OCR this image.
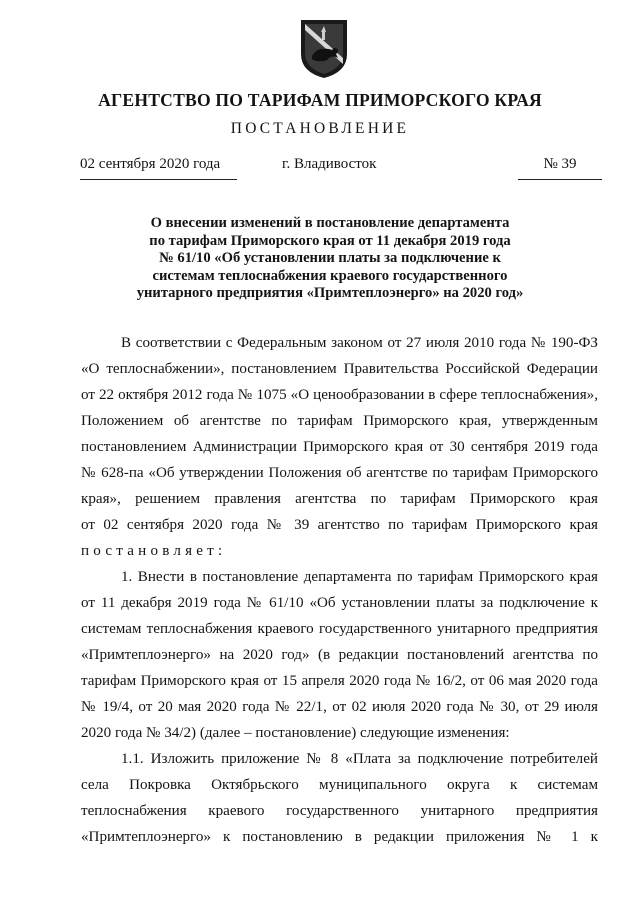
АГЕНТСТВО ПО ТАРИФАМ ПРИМОРСКОГО КРАЯ
ПОСТАНОВЛЕНИЕ
02 сентября 2020 года	г. Владивосток	№ 39
О внесении изменений в постановление департамента
по тарифам Приморского края от 11 декабря 2019 года
№ 61/10 «Об установлении платы за подключение к
системам теплоснабжения краевого государственного
унитарного предприятия «Примтеплоэнерго» на 2020 год»
В соответствии с Федеральным законом от 27 июля 2010 года № 190-ФЗ
«О теплоснабжении», постановлением Правительства Российской Федерации
от 22 октября 2012 года № 1075 «О ценообразовании в сфере теплоснабжения»,
Положением об агентстве по тарифам Приморского края, утвержденным
постановлением Администрации Приморского края от 30 сентября 2019 года
№ 628-па «Об утверждении Положения об агентстве по тарифам Приморского
края», решением правления агентства по тарифам Приморского края
от 02 сентября 2020 года № 39 агентство по тарифам Приморского края
постановляет:
1. Внести в постановление департамента по тарифам Приморского края
от 11 декабря 2019 года № 61/10 «Об установлении платы за подключение к
системам теплоснабжения краевого государственного унитарного предприятия
«Примтеплоэнерго» на 2020 год» (в редакции постановлений агентства по
тарифам Приморского края от 15 апреля 2020 года № 16/2, от 06 мая 2020 года
№ 19/4, от 20 мая 2020 года № 22/1, от 02 июля 2020 года № 30, от 29 июля
2020 года № 34/2) (далее – постановление) следующие изменения:
1.1. Изложить приложение № 8 «Плата за подключение потребителей
села Покровка Октябрьского муниципального округа к системам
теплоснабжения краевого государственного унитарного предприятия
«Примтеплоэнерго» к постановлению в редакции приложения № 1 к
